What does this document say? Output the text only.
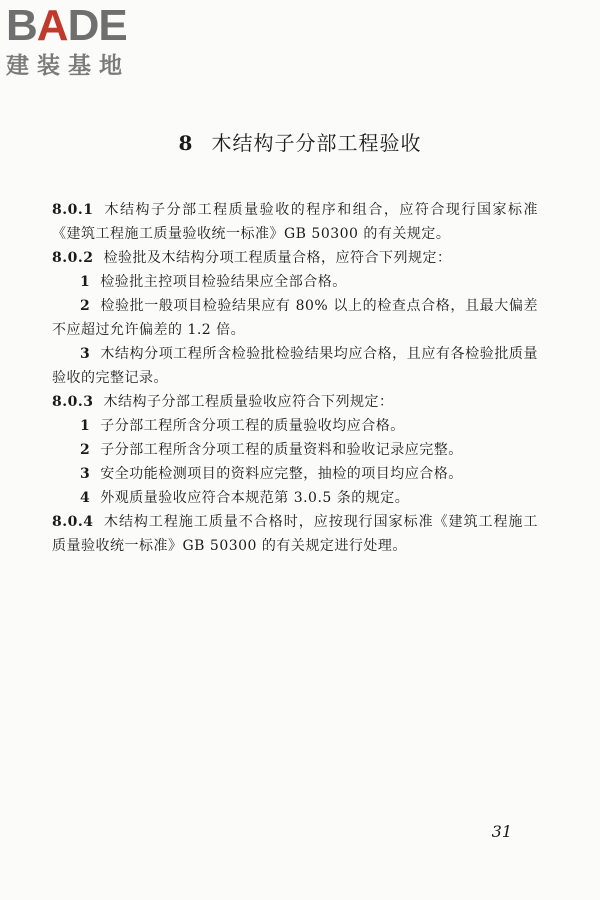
BADE
建装基地
8 木结构子分部工程验收

8.0.1 木结构子分部工程质量验收的程序和组合，应符合现行国家标准《建筑工程施工质量验收统一标准》GB 50300 的有关规定。

8.0.2 检验批及木结构分项工程质量合格，应符合下列规定：

1 检验批主控项目检验结果应全部合格。

2 检验批一般项目检验结果应有 80% 以上的检查点合格，且最大偏差不应超过允许偏差的 1.2 倍。

3 木结构分项工程所含检验批检验结果均应合格，且应有各检验批质量验收的完整记录。

8.0.3 木结构子分部工程质量验收应符合下列规定：

1 子分部工程所含分项工程的质量验收均应合格。

2 子分部工程所含分项工程的质量资料和验收记录应完整。

3 安全功能检测项目的资料应完整，抽检的项目均应合格。

4 外观质量验收应符合本规范第 3.0.5 条的规定。

8.0.4 木结构工程施工质量不合格时，应按现行国家标准《建筑工程施工质量验收统一标准》GB 50300 的有关规定进行处理。

31
